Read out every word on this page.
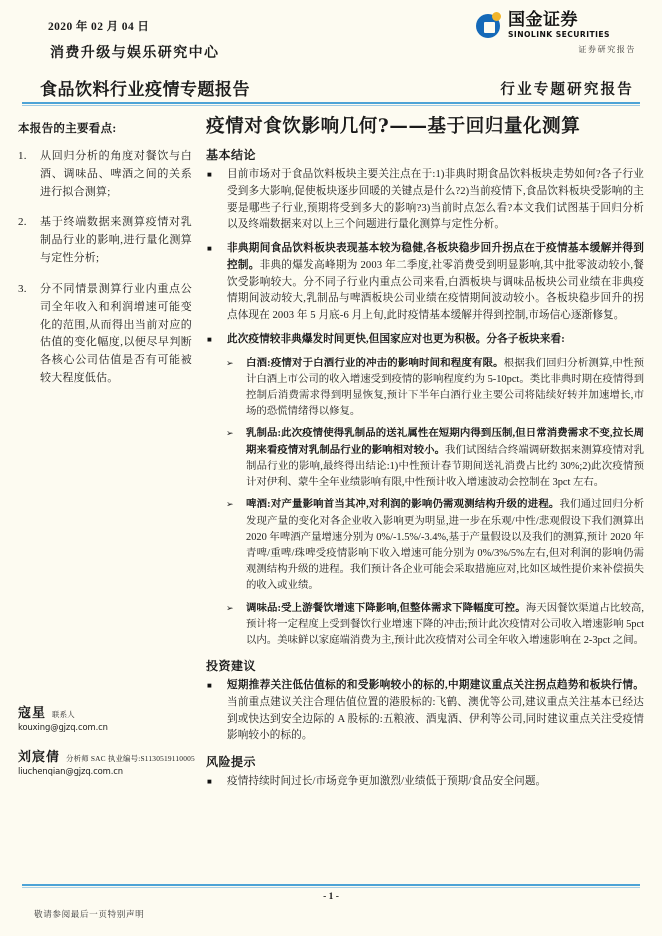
2020 年 02 月 04 日
消费升级与娱乐研究中心
食品饮料行业疫情专题报告	行业专题研究报告
国金证券
SINOLINK SECURITIES
证券研究报告
本报告的主要看点:
1.	从回归分析的角度对餐饮与白酒、调味品、啤酒之间的关系进行拟合测算;
2.	基于终端数据来测算疫情对乳制品行业的影响,进行量化测算与定性分析;
3.	分不同情景测算行业内重点公司全年收入和利润增速可能变化的范围,从而得出当前对应的估值的变化幅度,以便尽早判断各核心公司估值是否有可能被较大程度低估。
寇星 联系人
kouxing@gjzq.com.cn
刘宸倩 分析师 SAC 执业编号:S1130519110005
liuchenqian@gjzq.com.cn
疫情对食饮影响几何?——基于回归量化测算
基本结论
■	目前市场对于食品饮料板块主要关注点在于:1)非典时期食品饮料板块走势如何?各子行业受到多大影响,促使板块逐步回暖的关键点是什么?2)当前疫情下,食品饮料板块受影响的主要是哪些子行业,预期将受到多大的影响?3)当前时点怎么看?本文我们试图基于回归分析以及终端数据来对以上三个问题进行量化测算与定性分析。
■	非典期间食品饮料板块表现基本较为稳健,各板块稳步回升拐点在于疫情基本缓解并得到控制。非典的爆发高峰期为 2003 年二季度,社零消费受到明显影响,其中批零波动较小,餐饮受影响较大。分不同子行业内重点公司来看,白酒板块与调味品板块公司业绩在非典疫情期间波动较大,乳制品与啤酒板块公司业绩在疫情期间波动较小。各板块稳步回升的拐点体现在 2003 年 5 月底-6 月上旬,此时疫情基本缓解并得到控制,市场信心逐渐修复。
■	此次疫情较非典爆发时间更快,但国家应对也更为积极。分各子板块来看:
➢	白酒:疫情对于白酒行业的冲击的影响时间和程度有限。根据我们回归分析测算,中性预计白酒上市公司的收入增速受到疫情的影响程度约为 5-10pct。类比非典时期在疫情得到控制后消费需求得到明显恢复,预计下半年白酒行业主要公司将陆续好转并加速增长,市场的恐慌情绪得以修复。
➢	乳制品:此次疫情使得乳制品的送礼属性在短期内得到压制,但日常消费需求不变,拉长周期来看疫情对乳制品行业的影响相对较小。我们试图结合终端调研数据来测算疫情对乳制品行业的影响,最终得出结论:1)中性预计春节期间送礼消费占比约 30%;2)此次疫情预计对伊利、蒙牛全年业绩影响有限,中性预计收入增速波动会控制在 3pct 左右。
➢	啤酒:对产量影响首当其冲,对利润的影响仍需观测结构升级的进程。我们通过回归分析发现产量的变化对各企业收入影响更为明显,进一步在乐观/中性/悲观假设下我们测算出 2020 年啤酒产量增速分别为 0%/-1.5%/-3.4%,基于产量假设以及我们的测算,预计 2020 年青啤/重啤/珠啤受疫情影响下收入增速可能分别为 0%/3%/5%左右,但对利润的影响仍需观测结构升级的进程。我们预计各企业可能会采取措施应对,比如区域性提价来补偿损失的收入或业绩。
➢	调味品:受上游餐饮增速下降影响,但整体需求下降幅度可控。海天因餐饮渠道占比较高,预计将一定程度上受到餐饮行业增速下降的冲击;预计此次疫情对公司收入增速影响 5pct 以内。美味鲜以家庭端消费为主,预计此次疫情对公司全年收入增速影响在 2-3pct 之间。
投资建议
■	短期推荐关注低估值标的和受影响较小的标的,中期建议重点关注拐点趋势和板块行情。当前重点建议关注合理估值位置的港股标的:飞鹤、澳优等公司,建议重点关注基本已经达到或快达到安全边际的 A 股标的:五粮液、酒鬼酒、伊利等公司,同时建议重点关注受疫情影响较小的标的。
风险提示
■	疫情持续时间过长/市场竞争更加激烈/业绩低于预期/食品安全问题。
- 1 -
敬请参阅最后一页特别声明
